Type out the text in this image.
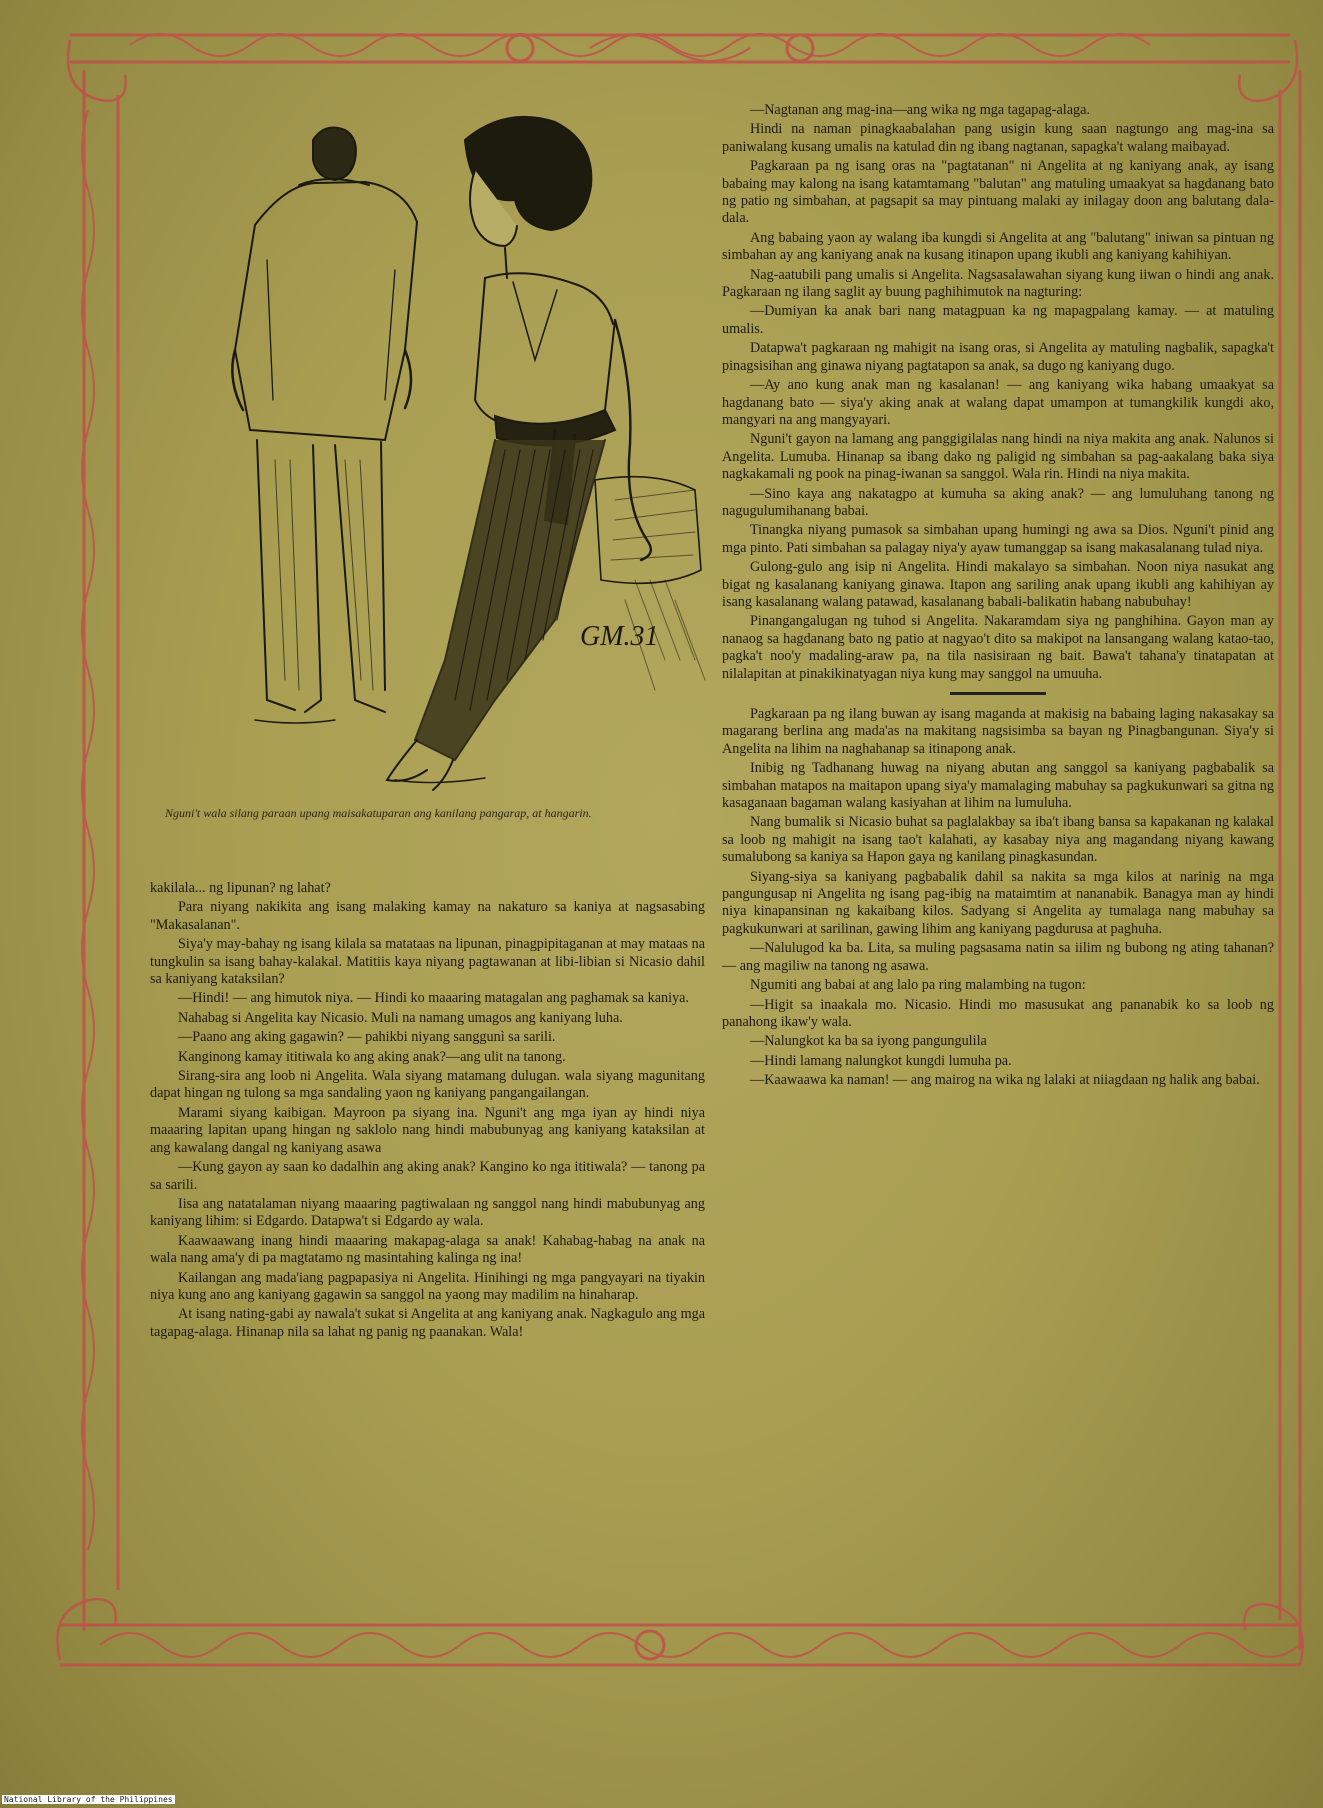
GM.31
Nguni't wala silang paraan upang maisakatuparan ang kanilang pangarap, at hangarin.

kakilala... ng lipunan? ng lahat?

Para niyang nakikita ang isang malaking kamay na nakaturo sa kaniya at nagsasabing "Makasalanan".

Siya'y may-bahay ng isang kilala sa matataas na lipunan, pinagpipitaganan at may mataas na tungkulin sa isang bahay-kalakal. Matitiis kaya niyang pagtawanan at libi-libian si Nicasio dahil sa kaniyang kataksilan?

—Hindi! — ang himutok niya. — Hindi ko maaaring matagalan ang paghamak sa kaniya.

Nahabag si Angelita kay Nicasio. Muli na namang umagos ang kaniyang luha.

—Paano ang aking gagawin? — pahikbi niyang sanggunì sa sarili.

Kanginong kamay ititiwala ko ang aking anak?—ang ulit na tanong.

Sirang-sira ang loob ni Angelita. Wala siyang matamang dulugan. wala siyang magunitang dapat hingan ng tulong sa mga sandaling yaon ng kaniyang pangangailangan.

Marami siyang kaibigan. Mayroon pa siyang ina. Nguni't ang mga iyan ay hindi niya maaaring lapitan upang hingan ng saklolo nang hindi mabubunyag ang kaniyang kataksilan at ang kawalang dangal ng kaniyang asawa

—Kung gayon ay saan ko dadalhin ang aking anak? Kangino ko nga ititiwala? — tanong pa sa sarili.

Iisa ang natatalaman niyang maaaring pagtiwalaan ng sanggol nang hindi mabubunyag ang kaniyang lihim: si Edgardo. Datapwa't si Edgardo ay wala.

Kaawaawang inang hindi maaaring makapag-alaga sa anak! Kahabag-habag na anak na wala nang ama'y di pa magtatamo ng masintahing kalinga ng ina!

Kailangan ang mada'iang pagpapasiya ni Angelita. Hinihingi ng mga pangyayari na tiyakin niya kung ano ang kaniyang gagawin sa sanggol na yaong may madilim na hinaharap.

At isang nating-gabi ay nawala't sukat si Angelita at ang kaniyang anak. Nagkagulo ang mga tagapag-alaga. Hinanap nila sa lahat ng panig ng paanakan. Wala!

—Nagtanan ang mag-ina—ang wika ng mga tagapag-alaga.

Hindi na naman pinagkaabalahan pang usigin kung saan nagtungo ang mag-ina sa paniwalang kusang umalis na katulad din ng ibang nagtanan, sapagka't walang maibayad.

Pagkaraan pa ng isang oras na "pagtatanan" ni Angelita at ng kaniyang anak, ay isang babaing may kalong na isang katamtamang "balutan" ang matuling umaakyat sa hagdanang bato ng patio ng simbahan, at pagsapit sa may pintuang malaki ay inilagay doon ang balutang dala-dala.

Ang babaing yaon ay walang iba kungdi si Angelita at ang "balutang" iniwan sa pintuan ng simbahan ay ang kaniyang anak na kusang itinapon upang ikubli ang kaniyang kahihiyan.

Nag-aatubili pang umalis si Angelita. Nagsasalawahan siyang kung iiwan o hindi ang anak. Pagkaraan ng ilang saglit ay buung paghihimutok na nagturing:

—Dumiyan ka anak bari nang matagpuan ka ng mapagpalang kamay. — at matuling umalis.

Datapwa't pagkaraan ng mahigit na isang oras, si Angelita ay matuling nagbalik, sapagka't pinagsisihan ang ginawa niyang pagtatapon sa anak, sa dugo ng kaniyang dugo.

—Ay ano kung anak man ng kasalanan! — ang kaniyang wika habang umaakyat sa hagdanang bato — siya'y aking anak at walang dapat umampon at tumangkilik kungdi ako, mangyari na ang mangyayari.

Nguni't gayon na lamang ang panggigilalas nang hindi na niya makita ang anak. Nalunos si Angelita. Lumuba. Hinanap sa ibang dako ng paligid ng simbahan sa pag-aakalang baka siya nagkakamali ng pook na pinag-iwanan sa sanggol. Wala rin. Hindi na niya makita.

—Sino kaya ang nakatagpo at kumuha sa aking anak? — ang lumuluhang tanong ng nagugulumihanang babai.

Tinangka niyang pumasok sa simbahan upang humingi ng awa sa Dios. Nguni't pinid ang mga pinto. Pati simbahan sa palagay niya'y ayaw tumanggap sa isang makasalanang tulad niya.

Gulong-gulo ang isip ni Angelita. Hindi makalayo sa simbahan. Noon niya nasukat ang bigat ng kasalanang kaniyang ginawa. Itapon ang sariling anak upang ikubli ang kahihiyan ay isang kasalanang walang patawad, kasalanang babali-balikatin habang nabubuhay!

Pinangangalugan ng tuhod si Angelita. Nakaramdam siya ng panghihina. Gayon man ay nanaog sa hagdanang bato ng patio at nagyao't dito sa makipot na lansangang walang katao-tao, pagka't noo'y madaling-araw pa, na tila nasisiraan ng bait. Bawa't tahana'y tinatapatan at nilalapitan at pinakikinatyagan niya kung may sanggol na umuuha.

Pagkaraan pa ng ilang buwan ay isang maganda at makisig na babaing laging nakasakay sa magarang berlina ang mada'as na makitang nagsisimba sa bayan ng Pinagbangunan. Siya'y si Angelita na lihim na naghahanap sa itinapong anak.

Inibig ng Tadhanang huwag na niyang abutan ang sanggol sa kaniyang pagbabalik sa simbahan matapos na maitapon upang siya'y mamalaging mabuhay sa pagkukunwari sa gitna ng kasaganaan bagaman walang kasiyahan at lihim na lumuluha.

Nang bumalik si Nicasio buhat sa paglalakbay sa iba't ibang bansa sa kapakanan ng kalakal sa loob ng mahigit na isang tao't kalahati, ay kasabay niya ang magandang niyang kawang sumalubong sa kaniya sa Hapon gaya ng kanilang pinagkasundan.

Siyang-siya sa kaniyang pagbabalik dahil sa nakita sa mga kilos at narinig na mga pangungusap ni Angelita ng isang pag-ibig na mataimtim at nananabik. Banagya man ay hindi niya kinapansinan ng kakaibang kilos. Sadyang si Angelita ay tumalaga nang mabuhay sa pagkukunwari at sarilinan, gawing lihim ang kaniyang pagdurusa at paghuha.

—Nalulugod ka ba. Lita, sa muling pagsasama natin sa iilim ng bubong ng ating tahanan? — ang magiliw na tanong ng asawa.

Ngumiti ang babai at ang lalo pa ring malambing na tugon:

—Higit sa inaakala mo. Nicasio. Hindi mo masusukat ang pananabik ko sa loob ng panahong ikaw'y wala.

—Nalungkot ka ba sa iyong pangungulila

—Hindi lamang nalungkot kungdi lumuha pa.

—Kaawaawa ka naman! — ang mairog na wika ng lalaki at niiagdaan ng halik ang babai.

National Library of the Philippines
